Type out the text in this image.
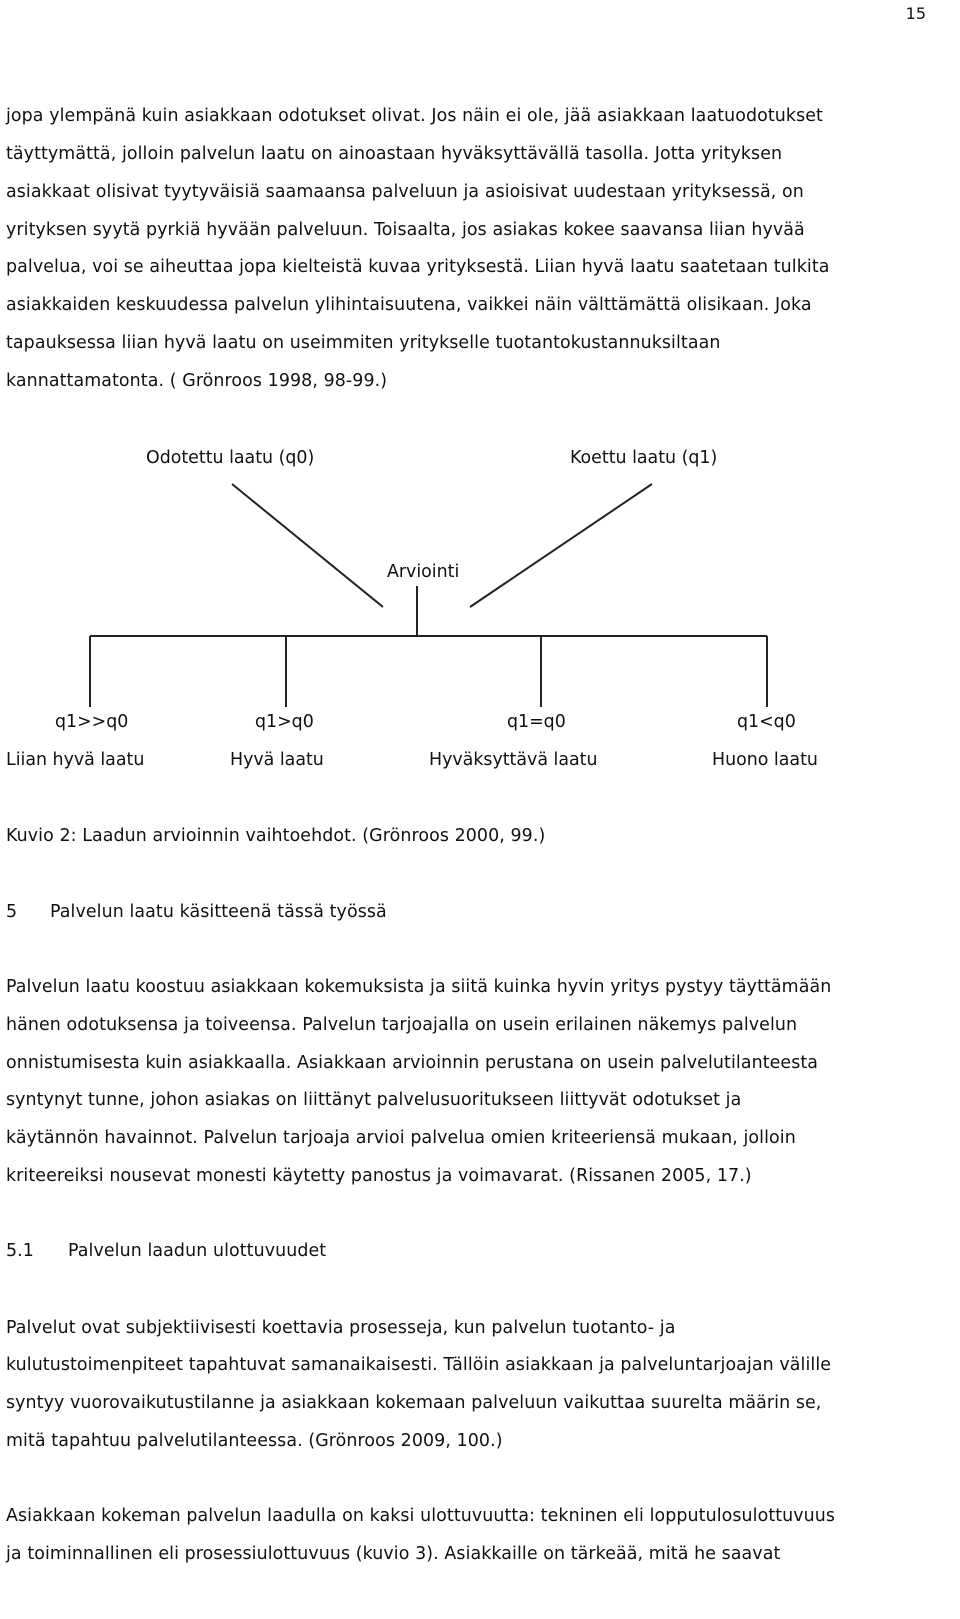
15
jopa ylempänä kuin asiakkaan odotukset olivat. Jos näin ei ole, jää asiakkaan laatuodotukset
täyttymättä, jolloin palvelun laatu on ainoastaan hyväksyttävällä tasolla. Jotta yrityksen
asiakkaat olisivat tyytyväisiä saamaansa palveluun ja asioisivat uudestaan yrityksessä, on
yrityksen syytä pyrkiä hyvään palveluun. Toisaalta, jos asiakas kokee saavansa liian hyvää
palvelua, voi se aiheuttaa jopa kielteistä kuvaa yrityksestä. Liian hyvä laatu saatetaan tulkita
asiakkaiden keskuudessa palvelun ylihintaisuutena, vaikkei näin välttämättä olisikaan. Joka
tapauksessa liian hyvä laatu on useimmiten yritykselle tuotantokustannuksiltaan
kannattamatonta. ( Grönroos 1998, 98-99.)
Odotettu laatu (q0)	Koettu laatu (q1)
Arviointi
q1>>q0	q1>q0	q1=q0	q1<q0
Liian hyvä laatu	Hyvä laatu	Hyväksyttävä laatu	Huono laatu
Kuvio 2: Laadun arvioinnin vaihtoehdot. (Grönroos 2000, 99.)
5 Palvelun laatu käsitteenä tässä työssä
Palvelun laatu koostuu asiakkaan kokemuksista ja siitä kuinka hyvin yritys pystyy täyttämään
hänen odotuksensa ja toiveensa. Palvelun tarjoajalla on usein erilainen näkemys palvelun
onnistumisesta kuin asiakkaalla. Asiakkaan arvioinnin perustana on usein palvelutilanteesta
syntynyt tunne, johon asiakas on liittänyt palvelusuoritukseen liittyvät odotukset ja
käytännön havainnot. Palvelun tarjoaja arvioi palvelua omien kriteeriensä mukaan, jolloin
kriteereiksi nousevat monesti käytetty panostus ja voimavarat. (Rissanen 2005, 17.)
5.1 Palvelun laadun ulottuvuudet
Palvelut ovat subjektiivisesti koettavia prosesseja, kun palvelun tuotanto- ja
kulutustoimenpiteet tapahtuvat samanaikaisesti. Tällöin asiakkaan ja palveluntarjoajan välille
syntyy vuorovaikutustilanne ja asiakkaan kokemaan palveluun vaikuttaa suurelta määrin se,
mitä tapahtuu palvelutilanteessa. (Grönroos 2009, 100.)
Asiakkaan kokeman palvelun laadulla on kaksi ulottuvuutta: tekninen eli lopputulosulottuvuus
ja toiminnallinen eli prosessiulottuvuus (kuvio 3). Asiakkaille on tärkeää, mitä he saavat
